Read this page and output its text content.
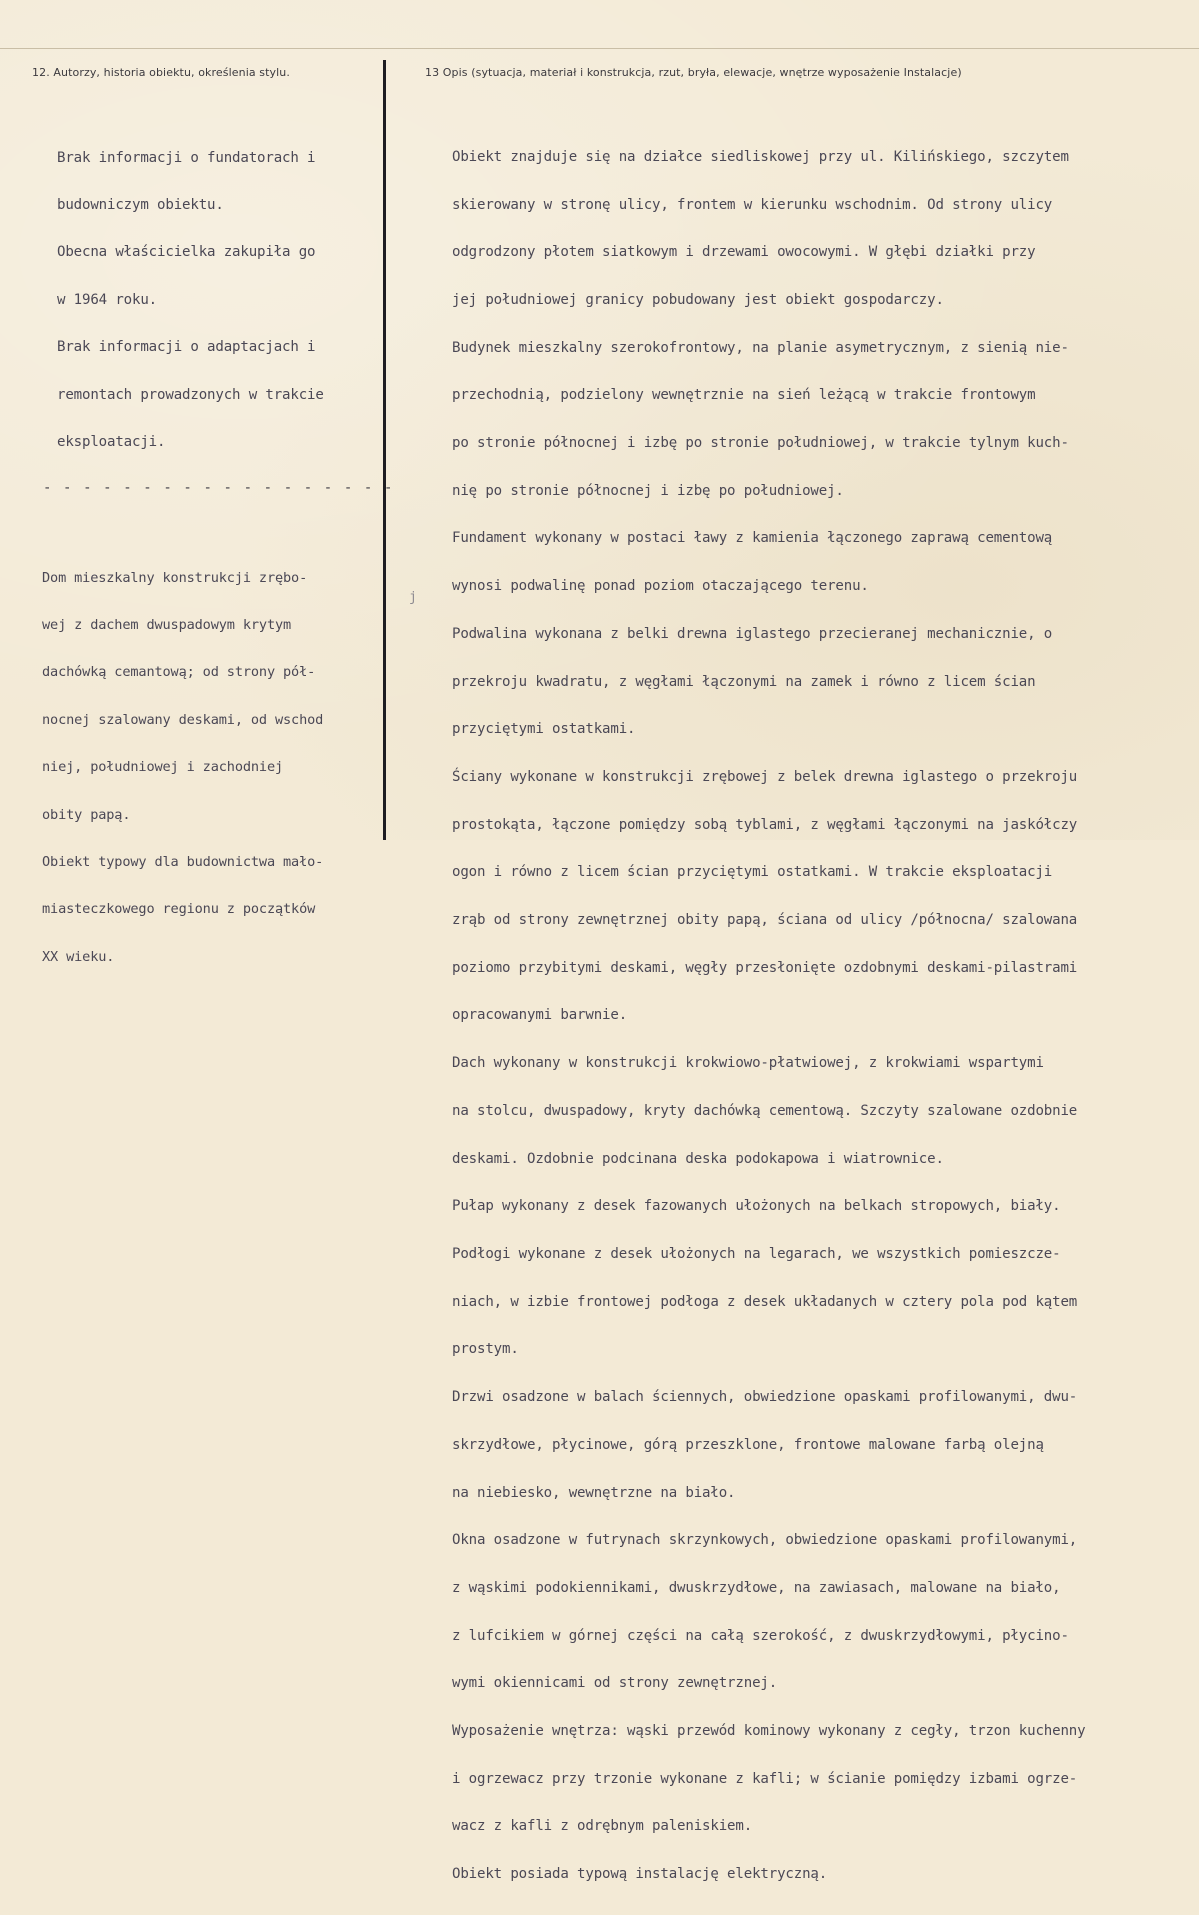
12. Autorzy, historia obiektu, określenia stylu.	13 Opis (sytuacja, materiał i konstrukcja, rzut, bryła, elewacje, wnętrze wyposażenie Instalacje)

Brak informacji o fundatorach i

budowniczym obiektu.

Obecna właścicielka zakupiła go

w 1964 roku.

Brak informacji o adaptacjach i

remontach prowadzonych w trakcie

eksploatacji.

- - - - - - - - - - - - - - - - - -

Dom mieszkalny konstrukcji zrębo-

wej z dachem dwuspadowym krytym

dachówką cemantową; od strony pół-

nocnej szalowany deskami, od wschod

niej, południowej i zachodniej

obity papą.

Obiekt typowy dla budownictwa mało-

miasteczkowego regionu z początków

XX wieku.

j

Obiekt znajduje się na działce siedliskowej przy ul. Kilińskiego, szczytem

skierowany w stronę ulicy, frontem w kierunku wschodnim. Od strony ulicy

odgrodzony płotem siatkowym i drzewami owocowymi. W głębi działki przy

jej południowej granicy pobudowany jest obiekt gospodarczy.

Budynek mieszkalny szerokofrontowy, na planie asymetrycznym, z sienią nie-

przechodnią, podzielony wewnętrznie na sień leżącą w trakcie frontowym

po stronie północnej i izbę po stronie południowej, w trakcie tylnym kuch-

nię po stronie północnej i izbę po południowej.

Fundament wykonany w postaci ławy z kamienia łączonego zaprawą cementową

wynosi podwalinę ponad poziom otaczającego terenu.

Podwalina wykonana z belki drewna iglastego przecieranej mechanicznie, o

przekroju kwadratu, z węgłami łączonymi na zamek i równo z licem ścian

przyciętymi ostatkami.

Ściany wykonane w konstrukcji zrębowej z belek drewna iglastego o przekroju

prostokąta, łączone pomiędzy sobą tyblami, z węgłami łączonymi na jaskółczy

ogon i równo z licem ścian przyciętymi ostatkami. W trakcie eksploatacji

zrąb od strony zewnętrznej obity papą, ściana od ulicy /północna/ szalowana

poziomo przybitymi deskami, węgły przesłonięte ozdobnymi deskami-pilastrami

opracowanymi barwnie.

Dach wykonany w konstrukcji krokwiowo-płatwiowej, z krokwiami wspartymi

na stolcu, dwuspadowy, kryty dachówką cementową. Szczyty szalowane ozdobnie

deskami. Ozdobnie podcinana deska podokapowa i wiatrownice.

Pułap wykonany z desek fazowanych ułożonych na belkach stropowych, biały.

Podłogi wykonane z desek ułożonych na legarach, we wszystkich pomieszcze-

niach, w izbie frontowej podłoga z desek układanych w cztery pola pod kątem

prostym.

Drzwi osadzone w balach ściennych, obwiedzione opaskami profilowanymi, dwu-

skrzydłowe, płycinowe, górą przeszklone, frontowe malowane farbą olejną

na niebiesko, wewnętrzne na biało.

Okna osadzone w futrynach skrzynkowych, obwiedzione opaskami profilowanymi,

z wąskimi podokiennikami, dwuskrzydłowe, na zawiasach, malowane na biało,

z lufcikiem w górnej części na całą szerokość, z dwuskrzydłowymi, płycino-

wymi okiennicami od strony zewnętrznej.

Wyposażenie wnętrza: wąski przewód kominowy wykonany z cegły, trzon kuchenny

i ogrzewacz przy trzonie wykonane z kafli; w ścianie pomiędzy izbami ogrze-

wacz z kafli z odrębnym paleniskiem.

Obiekt posiada typową instalację elektryczną.
